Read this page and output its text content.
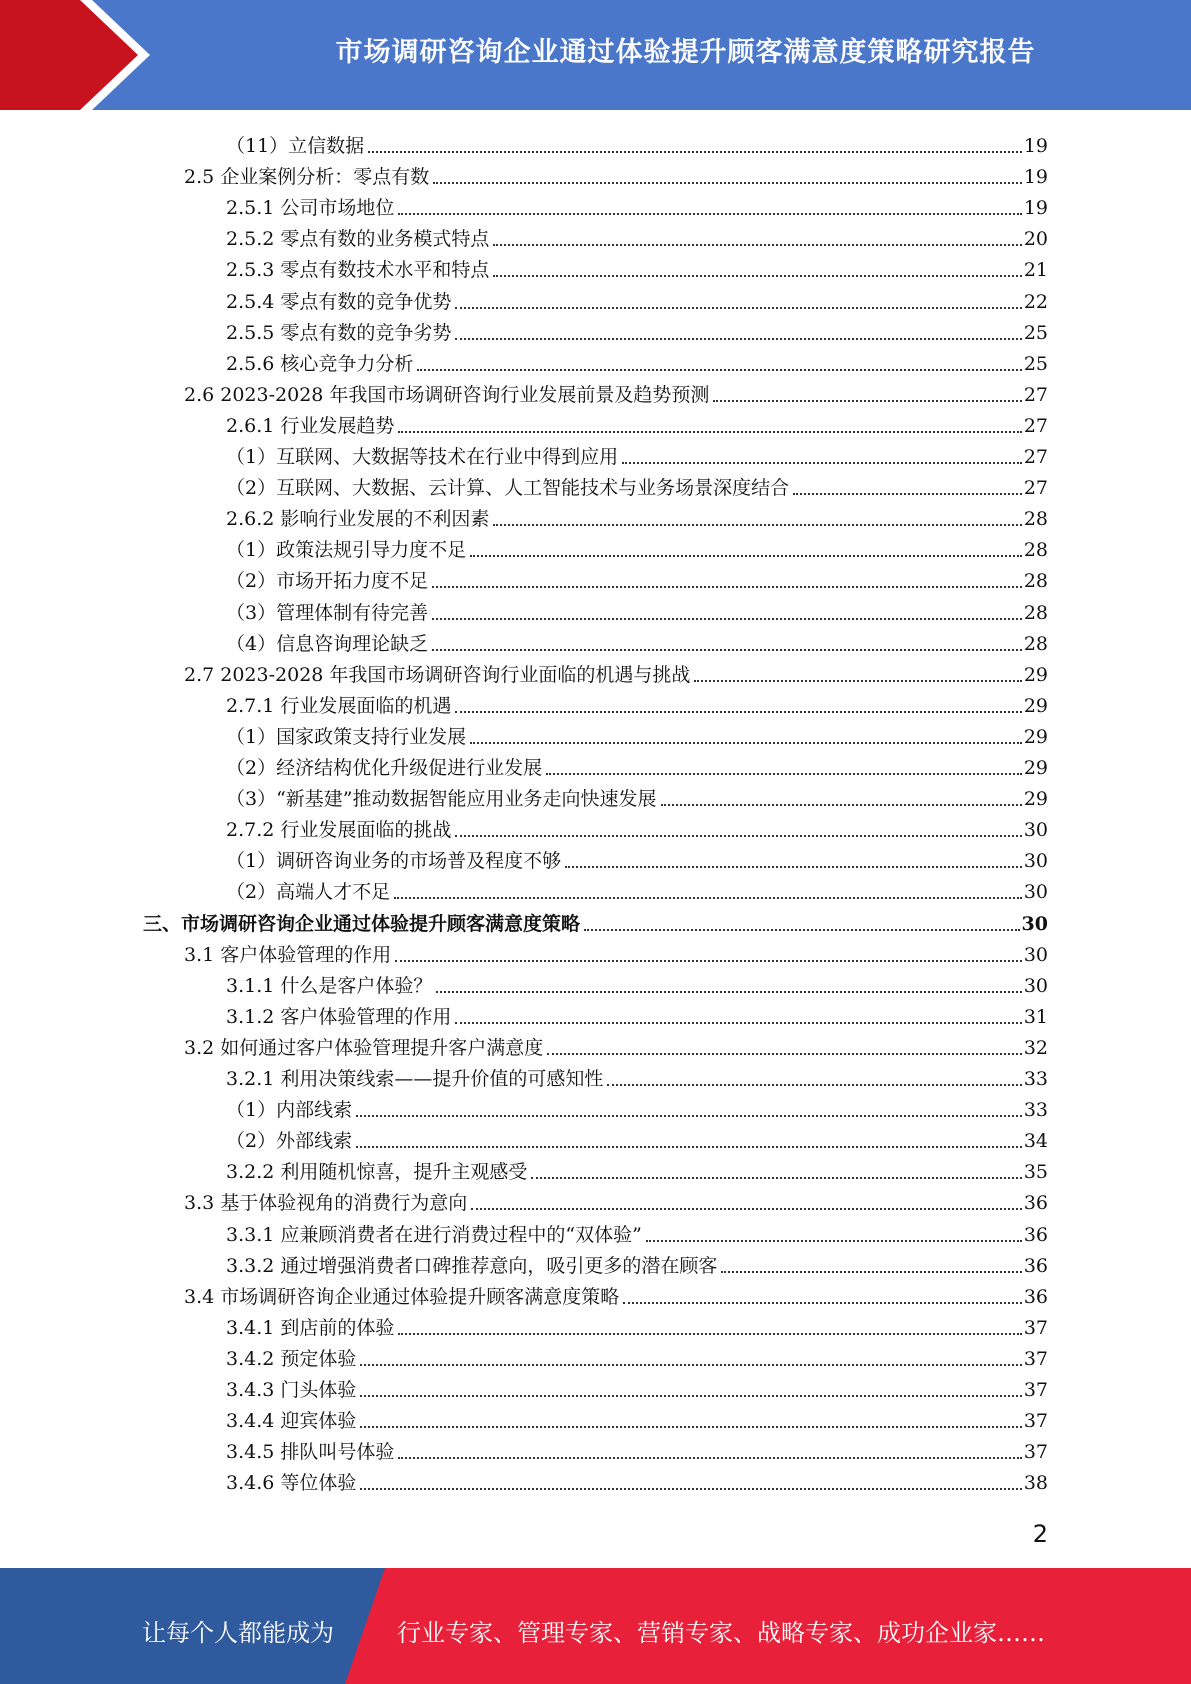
市场调研咨询企业通过体验提升顾客满意度策略研究报告
（11）立信数据	19
2.5 企业案例分析：零点有数	19
2.5.1 公司市场地位	19
2.5.2 零点有数的业务模式特点	20
2.5.3 零点有数技术水平和特点	21
2.5.4 零点有数的竞争优势	22
2.5.5 零点有数的竞争劣势	25
2.5.6 核心竞争力分析	25
2.6 2023-2028 年我国市场调研咨询行业发展前景及趋势预测	27
2.6.1 行业发展趋势	27
（1）互联网、大数据等技术在行业中得到应用	27
（2）互联网、大数据、云计算、人工智能技术与业务场景深度结合	27
2.6.2 影响行业发展的不利因素	28
（1）政策法规引导力度不足	28
（2）市场开拓力度不足	28
（3）管理体制有待完善	28
（4）信息咨询理论缺乏	28
2.7 2023-2028 年我国市场调研咨询行业面临的机遇与挑战	29
2.7.1 行业发展面临的机遇	29
（1）国家政策支持行业发展	29
（2）经济结构优化升级促进行业发展	29
（3）“新基建”推动数据智能应用业务走向快速发展	29
2.7.2 行业发展面临的挑战	30
（1）调研咨询业务的市场普及程度不够	30
（2）高端人才不足	30
三、市场调研咨询企业通过体验提升顾客满意度策略	30
3.1 客户体验管理的作用	30
3.1.1 什么是客户体验？	30
3.1.2 客户体验管理的作用	31
3.2 如何通过客户体验管理提升客户满意度	32
3.2.1 利用决策线索——提升价值的可感知性	33
（1）内部线索	33
（2）外部线索	34
3.2.2 利用随机惊喜，提升主观感受	35
3.3 基于体验视角的消费行为意向	36
3.3.1 应兼顾消费者在进行消费过程中的“双体验”	36
3.3.2 通过增强消费者口碑推荐意向，吸引更多的潜在顾客	36
3.4 市场调研咨询企业通过体验提升顾客满意度策略	36
3.4.1 到店前的体验	37
3.4.2 预定体验	37
3.4.3 门头体验	37
3.4.4 迎宾体验	37
3.4.5 排队叫号体验	37
3.4.6 等位体验	38
2
让每个人都能成为	行业专家、管理专家、营销专家、战略专家、成功企业家……
